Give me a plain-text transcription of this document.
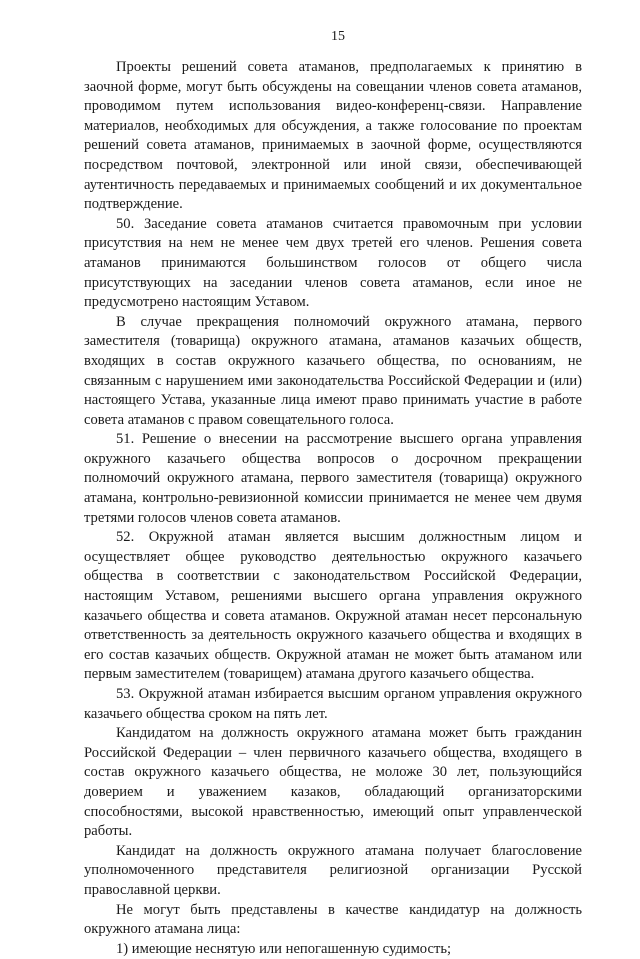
15

Проекты решений совета атаманов, предполагаемых к принятию в заочной форме, могут быть обсуждены на совещании членов совета атаманов, проводимом путем использования видео-конференц-связи. Направление материалов, необходимых для обсуждения, а также голосование по проектам решений совета атаманов, принимаемых в заочной форме, осуществляются посредством почтовой, электронной или иной связи, обеспечивающей аутентичность передаваемых и принимаемых сообщений и их документальное подтверждение.

50. Заседание совета атаманов считается правомочным при условии присутствия на нем не менее чем двух третей его членов. Решения совета атаманов принимаются большинством голосов от общего числа присутствующих на заседании членов совета атаманов, если иное не предусмотрено настоящим Уставом.

В случае прекращения полномочий окружного атамана, первого заместителя (товарища) окружного атамана, атаманов казачьих обществ, входящих в состав окружного казачьего общества, по основаниям, не связанным с нарушением ими законодательства Российской Федерации и (или) настоящего Устава, указанные лица имеют право принимать участие в работе совета атаманов с правом совещательного голоса.

51. Решение о внесении на рассмотрение высшего органа управления окружного казачьего общества вопросов о досрочном прекращении полномочий окружного атамана, первого заместителя (товарища) окружного атамана, контрольно-ревизионной комиссии принимается не менее чем двумя третями голосов членов совета атаманов.

52. Окружной атаман является высшим должностным лицом и осуществляет общее руководство деятельностью окружного казачьего общества в соответствии с законодательством Российской Федерации, настоящим Уставом, решениями высшего органа управления окружного казачьего общества и совета атаманов. Окружной атаман несет персональную ответственность за деятельность окружного казачьего общества и входящих в его состав казачьих обществ. Окружной атаман не может быть атаманом или первым заместителем (товарищем) атамана другого казачьего общества.

53. Окружной атаман избирается высшим органом управления окружного казачьего общества сроком на пять лет.

Кандидатом на должность окружного атамана может быть гражданин Российской Федерации – член первичного казачьего общества, входящего в состав окружного казачьего общества, не моложе 30 лет, пользующийся доверием и уважением казаков, обладающий организаторскими способностями, высокой нравственностью, имеющий опыт управленческой работы.

Кандидат на должность окружного атамана получает благословение уполномоченного представителя религиозной организации Русской православной церкви.

Не могут быть представлены в качестве кандидатур на должность окружного атамана лица:

1) имеющие неснятую или непогашенную судимость;
